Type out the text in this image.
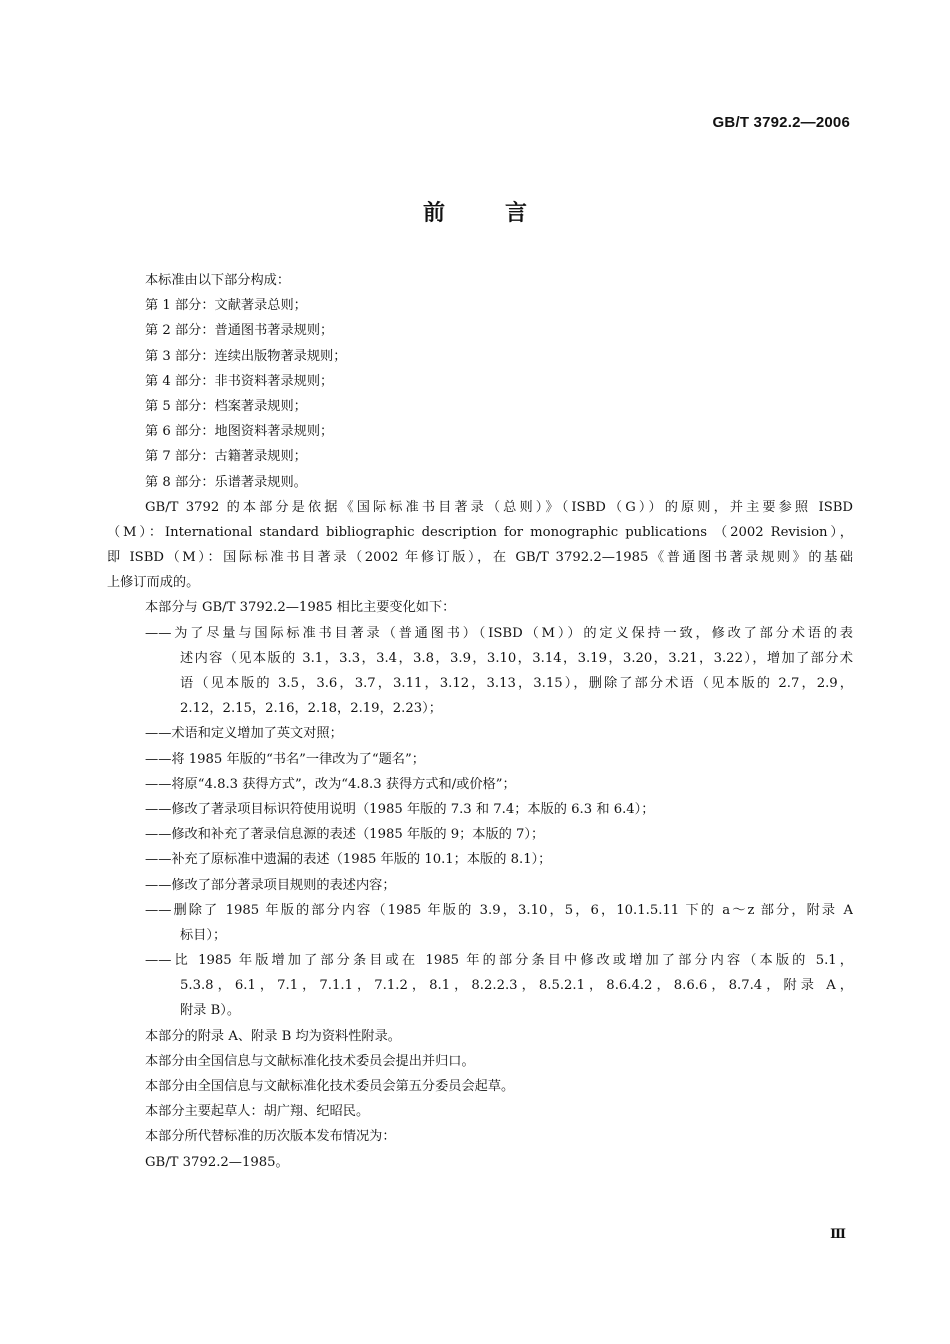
GB/T 3792.2—2006
前言
本标准由以下部分构成：
第 1 部分：文献著录总则；
第 2 部分：普通图书著录规则；
第 3 部分：连续出版物著录规则；
第 4 部分：非书资料著录规则；
第 5 部分：档案著录规则；
第 6 部分：地图资料著录规则；
第 7 部分：古籍著录规则；
第 8 部分：乐谱著录规则。
GB/T 3792 的本部分是依据《国际标准书目著录（总则）》（ISBD（G））的原则，并主要参照 ISBD
（M）：International standard bibliographic description for monographic publications （2002 Revision），
即 ISBD（M）：国际标准书目著录（2002 年修订版），在 GB/T 3792.2—1985《普通图书著录规则》的基础
上修订而成的。
本部分与 GB/T 3792.2—1985 相比主要变化如下：
——为了尽量与国际标准书目著录（普通图书）（ISBD（M））的定义保持一致，修改了部分术语的表
述内容（见本版的 3.1，3.3，3.4，3.8，3.9，3.10，3.14，3.19，3.20，3.21，3.22），增加了部分术
语（见本版的 3.5，3.6，3.7，3.11，3.12，3.13，3.15），删除了部分术语（见本版的 2.7，2.9，
2.12，2.15，2.16，2.18，2.19，2.23）；
——术语和定义增加了英文对照；
——将 1985 年版的“书名”一律改为了“题名”；
——将原“4.8.3 获得方式”，改为“4.8.3 获得方式和/或价格”；
——修改了著录项目标识符使用说明（1985 年版的 7.3 和 7.4；本版的 6.3 和 6.4）；
——修改和补充了著录信息源的表述（1985 年版的 9；本版的 7）；
——补充了原标准中遗漏的表述（1985 年版的 10.1；本版的 8.1）；
——修改了部分著录项目规则的表述内容；
——删除了 1985 年版的部分内容（1985 年版的 3.9，3.10，5，6，10.1.5.11 下的 a～z 部分，附录 A
标目）；
——比 1985 年版增加了部分条目或在 1985 年的部分条目中修改或增加了部分内容（本版的 5.1，
5.3.8，6.1，7.1，7.1.1，7.1.2，8.1，8.2.2.3，8.5.2.1，8.6.4.2，8.6.6，8.7.4，附录 A，
附录 B）。
本部分的附录 A、附录 B 均为资料性附录。
本部分由全国信息与文献标准化技术委员会提出并归口。
本部分由全国信息与文献标准化技术委员会第五分委员会起草。
本部分主要起草人：胡广翔、纪昭民。
本部分所代替标准的历次版本发布情况为：
GB/T 3792.2—1985。
Ⅲ
